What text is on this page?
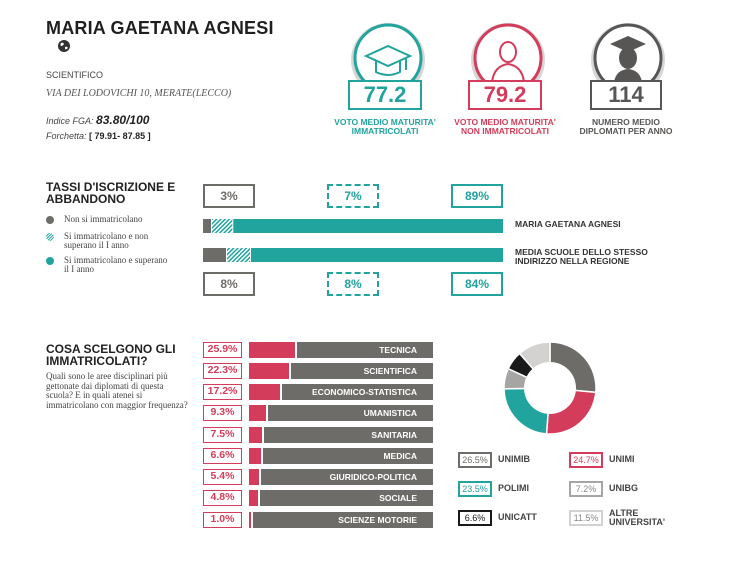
MARIA GAETANA AGNESI
SCIENTIFICO
VIA DEI LODOVICHI 10, MERATE(LECCO)
Indice FGA: 83.80/100
Forchetta: [ 79.91- 87.85 ]
77.2
VOTO MEDIO MATURITA' IMMATRICOLATI
79.2
VOTO MEDIO MATURITA' NON IMMATRICOLATI
114
NUMERO MEDIO DIPLOMATI PER ANNO
TASSI D'ISCRIZIONE E ABBANDONO
Non si immatricolano
Si immatricolano e non superano il I anno
Si immatricolano e superano il I anno
3%	7%	89%
MARIA GAETANA AGNESI
MEDIA SCUOLE DELLO STESSO INDIRIZZO NELLA REGIONE
8%	8%	84%
COSA SCELGONO GLI IMMATRICOLATI?
Quali sono le aree disciplinari più gettonate dai diplomati di questa scuola? E in quali atenei si immatricolano con maggior frequenza?
25.9%	TECNICA
22.3%	SCIENTIFICA
17.2%	ECONOMICO-STATISTICA
9.3%	UMANISTICA
7.5%	SANITARIA
6.6%	MEDICA
5.4%	GIURIDICO-POLITICA
4.8%	SOCIALE
1.0%	SCIENZE MOTORIE
26.5%	UNIMIB	24.7%	UNIMI
23.5%	POLIMI	7.2%	UNIBG
6.6%	UNICATT	11.5%	ALTRE UNIVERSITA'
